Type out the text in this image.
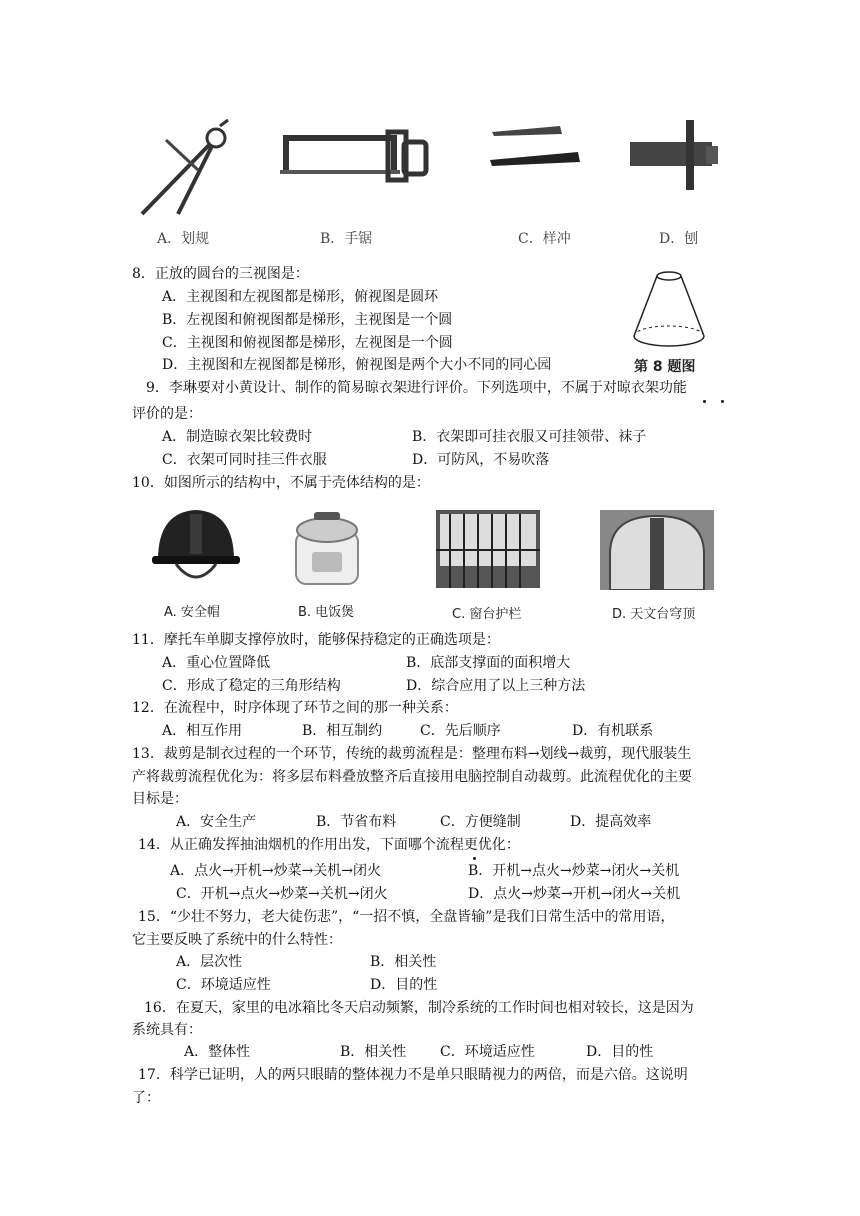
A．划规	B．手锯	C．样冲	D．刨
8．正放的圆台的三视图是：
A．主视图和左视图都是梯形，俯视图是圆环
B．左视图和俯视图都是梯形，主视图是一个圆
C．主视图和俯视图都是梯形，左视图是一个圆
D．主视图和左视图都是梯形，俯视图是两个大小不同的同心园	第 8 题图
9．李琳要对小黄设计、制作的简易晾衣架进行评价。下列选项中，不属于对晾衣架功能
评价的是：
A．制造晾衣架比较费时	B．衣架即可挂衣服又可挂领带、袜子
C．衣架可同时挂三件衣服	D．可防风，不易吹落
10．如图所示的结构中，不属于壳体结构的是：
A. 安全帽	B. 电饭煲	C. 窗台护栏	D. 天文台穹顶
11．摩托车单脚支撑停放时，能够保持稳定的正确选项是：
A．重心位置降低	B．底部支撑面的面积增大
C．形成了稳定的三角形结构	D．综合应用了以上三种方法
12．在流程中，时序体现了环节之间的那一种关系：
A．相互作用	B．相互制约	C．先后顺序	D．有机联系
13．裁剪是制衣过程的一个环节，传统的裁剪流程是：整理布料→划线→裁剪，现代服装生
产将裁剪流程优化为：将多层布料叠放整齐后直接用电脑控制自动裁剪。此流程优化的主要
目标是：
A．安全生产	B．节省布料	C．方便缝制	D．提高效率
14．从正确发挥抽油烟机的作用出发，下面哪个流程更优化：
A．点火→开机→炒菜→关机→闭火	B．开机→点火→炒菜→闭火→关机
C．开机→点火→炒菜→关机→闭火	D．点火→炒菜→开机→闭火→关机
15．“少壮不努力，老大徒伤悲”，“一招不慎，全盘皆输”是我们日常生活中的常用语，
它主要反映了系统中的什么特性：
A．层次性	B．相关性
C．环境适应性	D．目的性
16．在夏天，家里的电冰箱比冬天启动频繁，制冷系统的工作时间也相对较长，这是因为
系统具有：
A．整体性	B．相关性 C．环境适应性	D．目的性
17．科学已证明，人的两只眼睛的整体视力不是单只眼睛视力的两倍，而是六倍。这说明
了：
